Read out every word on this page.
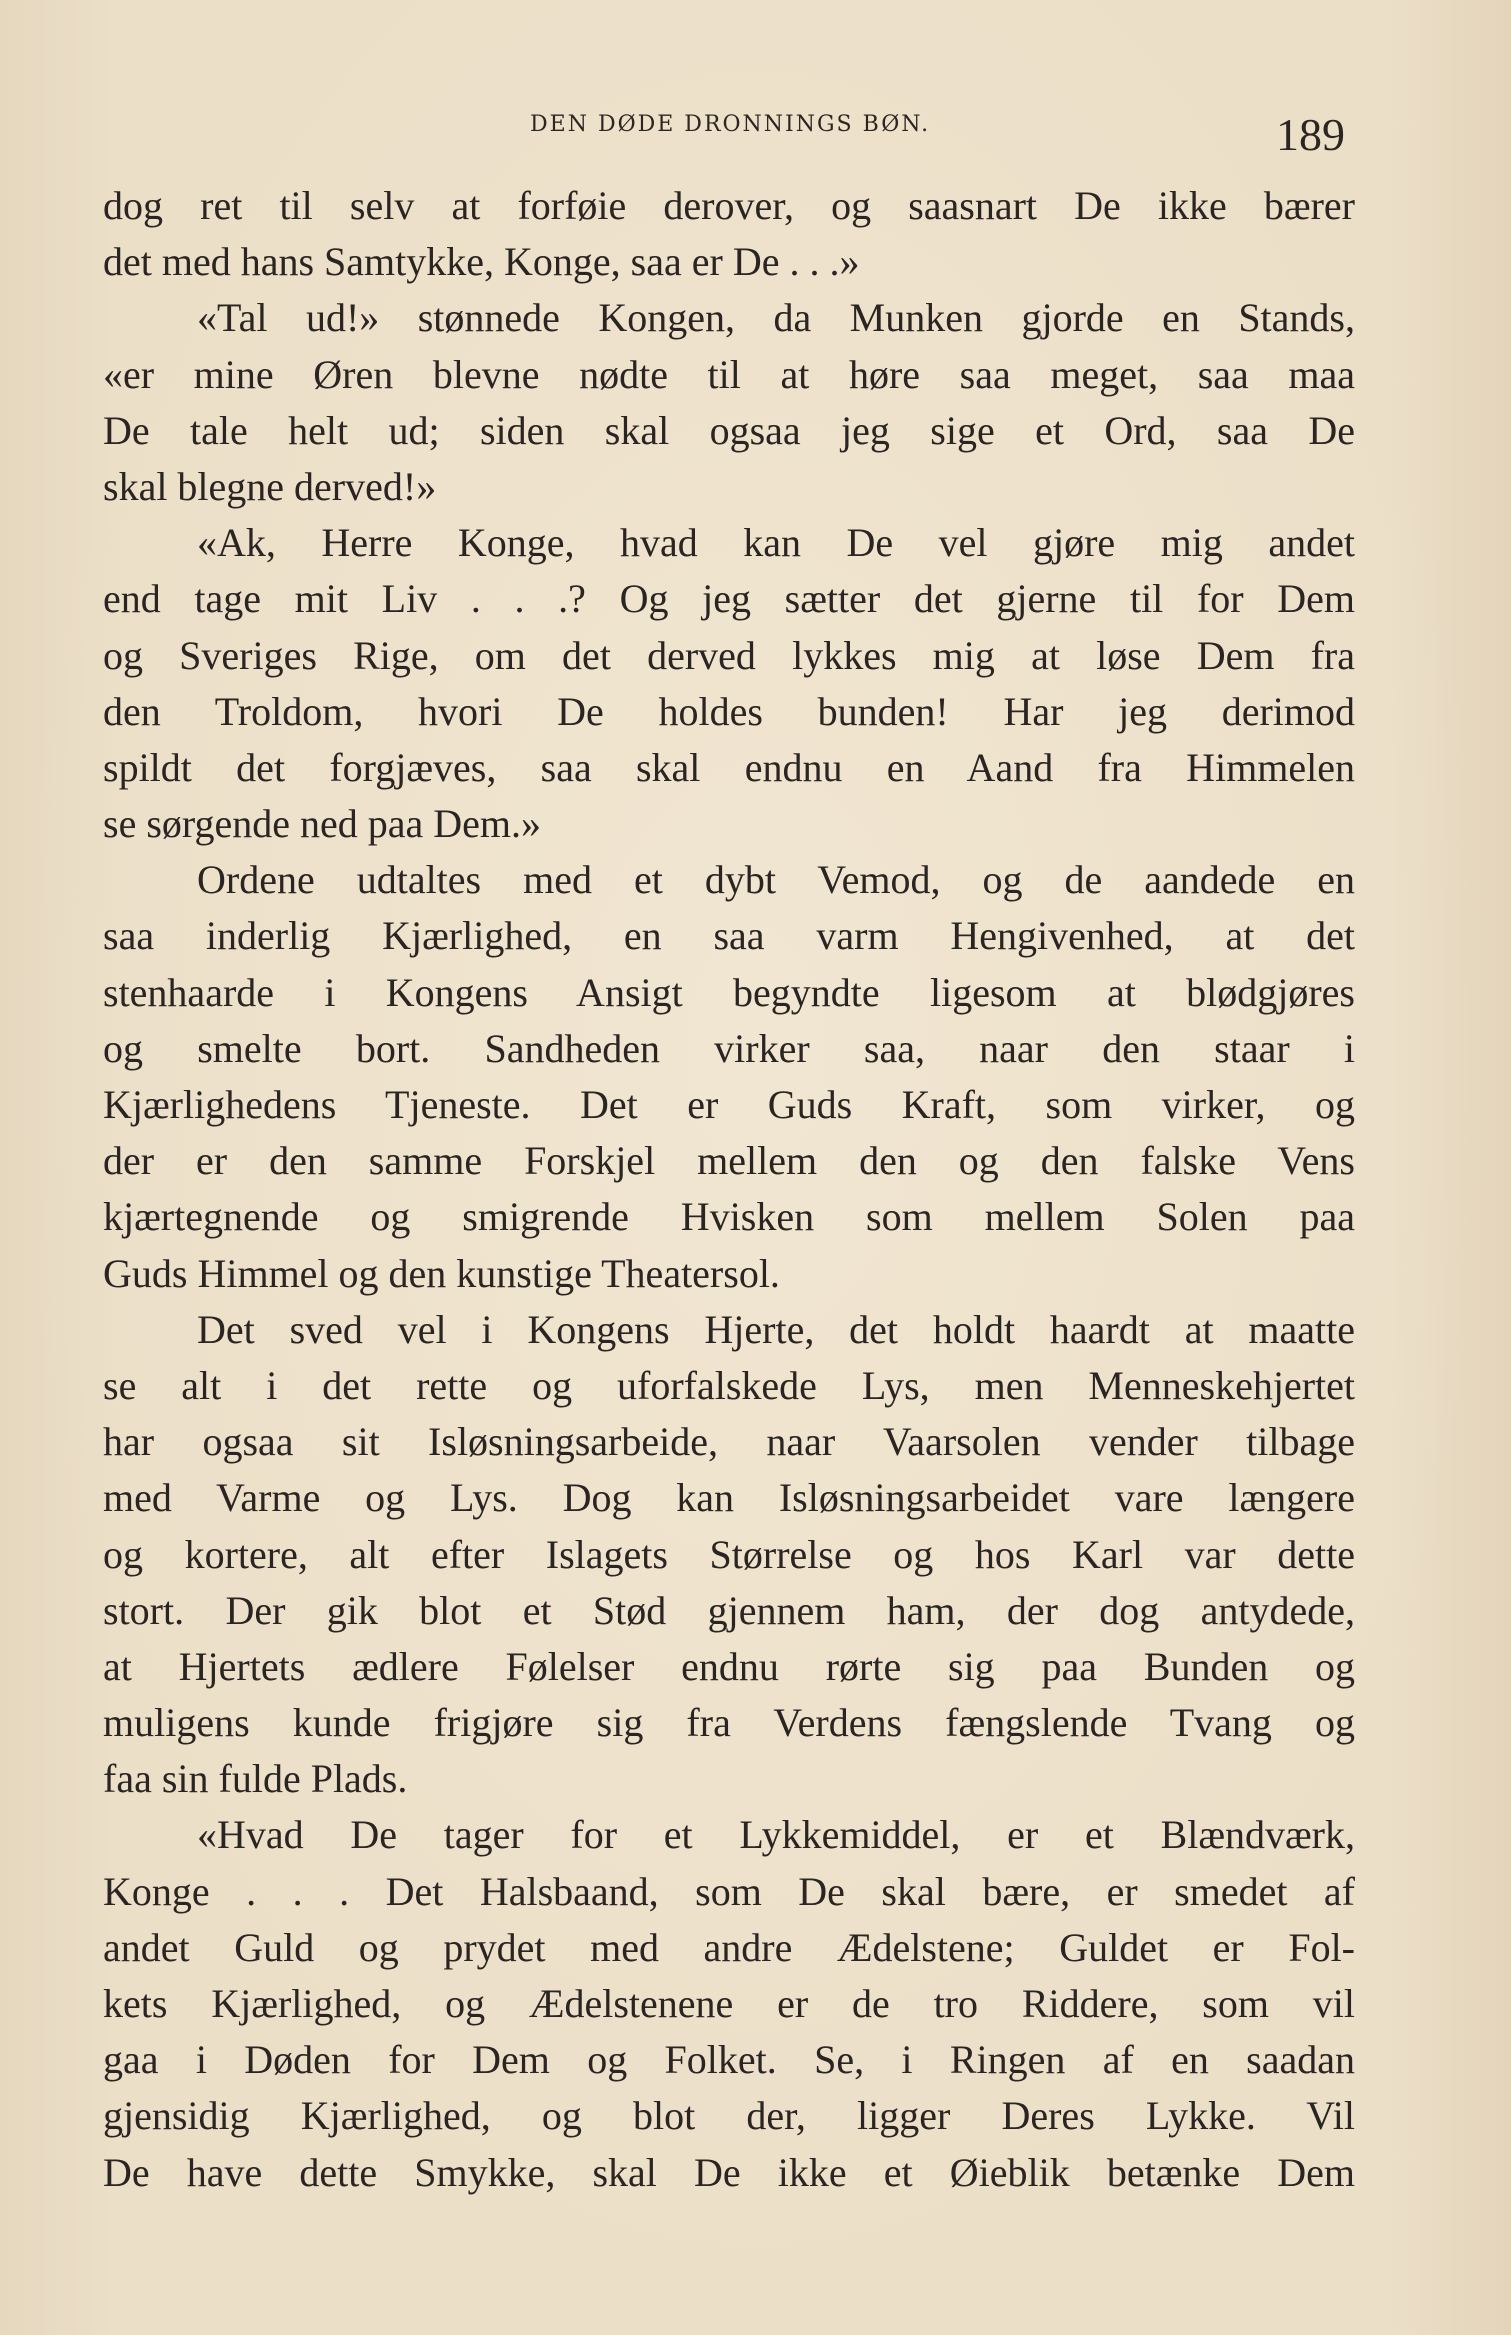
DEN DØDE DRONNINGS BØN.	189
dog ret til selv at forføie derover, og saasnart De ikke bærer
det med hans Samtykke, Konge, saa er De . . .»
«Tal ud!» stønnede Kongen, da Munken gjorde en Stands,
«er mine Øren blevne nødte til at høre saa meget, saa maa
De tale helt ud; siden skal ogsaa jeg sige et Ord, saa De
skal blegne derved!»
«Ak, Herre Konge, hvad kan De vel gjøre mig andet
end tage mit Liv . . .? Og jeg sætter det gjerne til for Dem
og Sveriges Rige, om det derved lykkes mig at løse Dem fra
den Troldom, hvori De holdes bunden! Har jeg derimod
spildt det forgjæves, saa skal endnu en Aand fra Himmelen
se sørgende ned paa Dem.»
Ordene udtaltes med et dybt Vemod, og de aandede en
saa inderlig Kjærlighed, en saa varm Hengivenhed, at det
stenhaarde i Kongens Ansigt begyndte ligesom at blødgjøres
og smelte bort. Sandheden virker saa, naar den staar i
Kjærlighedens Tjeneste. Det er Guds Kraft, som virker, og
der er den samme Forskjel mellem den og den falske Vens
kjærtegnende og smigrende Hvisken som mellem Solen paa
Guds Himmel og den kunstige Theatersol.
Det sved vel i Kongens Hjerte, det holdt haardt at maatte
se alt i det rette og uforfalskede Lys, men Menneskehjertet
har ogsaa sit Isløsningsarbeide, naar Vaarsolen vender tilbage
med Varme og Lys. Dog kan Isløsningsarbeidet vare længere
og kortere, alt efter Islagets Størrelse og hos Karl var dette
stort. Der gik blot et Stød gjennem ham, der dog antydede,
at Hjertets ædlere Følelser endnu rørte sig paa Bunden og
muligens kunde frigjøre sig fra Verdens fængslende Tvang og
faa sin fulde Plads.
«Hvad De tager for et Lykkemiddel, er et Blændværk,
Konge . . . Det Halsbaand, som De skal bære, er smedet af
andet Guld og prydet med andre Ædelstene; Guldet er Fol-
kets Kjærlighed, og Ædelstenene er de tro Riddere, som vil
gaa i Døden for Dem og Folket. Se, i Ringen af en saadan
gjensidig Kjærlighed, og blot der, ligger Deres Lykke. Vil
De have dette Smykke, skal De ikke et Øieblik betænke Dem
